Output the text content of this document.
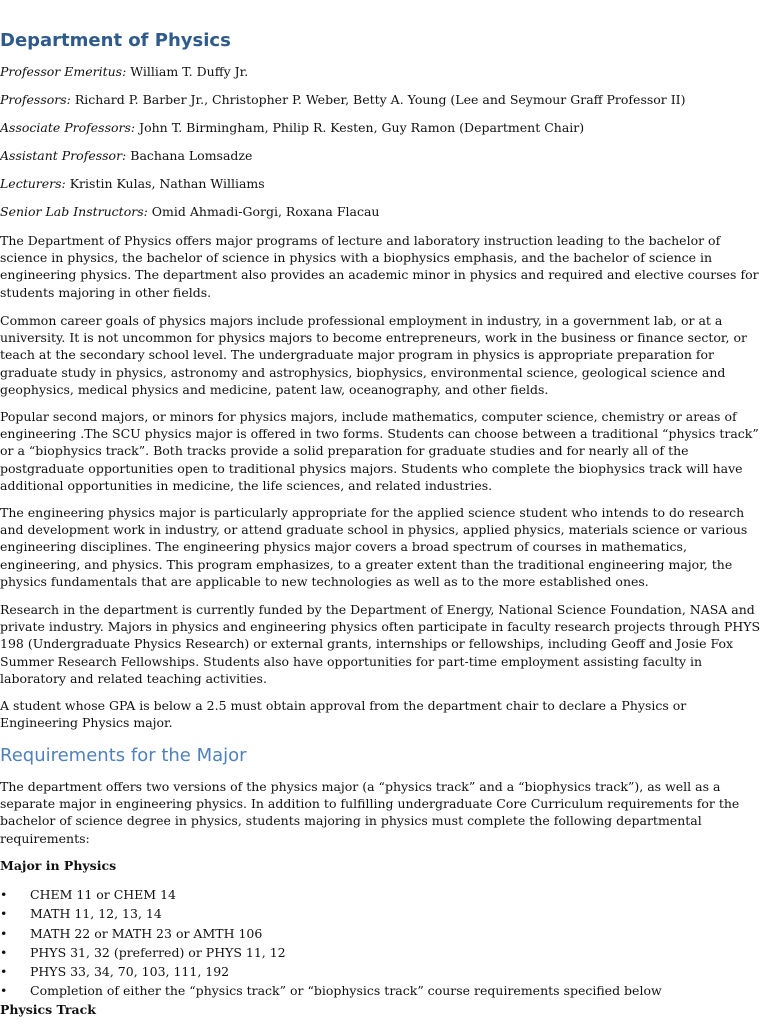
Department of Physics
Professor Emeritus: William T. Duffy Jr.
Professors: Richard P. Barber Jr., Christopher P. Weber, Betty A. Young (Lee and Seymour Graff Professor II)
Associate Professors: John T. Birmingham, Philip R. Kesten, Guy Ramon (Department Chair)
Assistant Professor: Bachana Lomsadze
Lecturers: Kristin Kulas, Nathan Williams
Senior Lab Instructors: Omid Ahmadi-Gorgi, Roxana Flacau

The Department of Physics offers major programs of lecture and laboratory instruction leading to the bachelor of science in physics, the bachelor of science in physics with a biophysics emphasis, and the bachelor of science in engineering physics. The department also provides an academic minor in physics and required and elective courses for students majoring in other fields.

Common career goals of physics majors include professional employment in industry, in a government lab, or at a university. It is not uncommon for physics majors to become entrepreneurs, work in the business or finance sector, or teach at the secondary school level. The undergraduate major program in physics is appropriate preparation for graduate study in physics, astronomy and astrophysics, biophysics, environmental science, geological science and geophysics, medical physics and medicine, patent law, oceanography, and other fields.

Popular second majors, or minors for physics majors, include mathematics, computer science, chemistry or areas of engineering .The SCU physics major is offered in two forms. Students can choose between a traditional “physics track” or a “biophysics track”. Both tracks provide a solid preparation for graduate studies and for nearly all of the postgraduate opportunities open to traditional physics majors. Students who complete the biophysics track will have additional opportunities in medicine, the life sciences, and related industries.

The engineering physics major is particularly appropriate for the applied science student who intends to do research and development work in industry, or attend graduate school in physics, applied physics, materials science or various engineering disciplines. The engineering physics major covers a broad spectrum of courses in mathematics, engineering, and physics. This program emphasizes, to a greater extent than the traditional engineering major, the physics fundamentals that are applicable to new technologies as well as to the more established ones.

Research in the department is currently funded by the Department of Energy, National Science Foundation, NASA and private industry. Majors in physics and engineering physics often participate in faculty research projects through PHYS 198 (Undergraduate Physics Research) or external grants, internships or fellowships, including Geoff and Josie Fox Summer Research Fellowships. Students also have opportunities for part-time employment assisting faculty in laboratory and related teaching activities.

A student whose GPA is below a 2.5 must obtain approval from the department chair to declare a Physics or Engineering Physics major.

Requirements for the Major

The department offers two versions of the physics major (a “physics track” and a “biophysics track”), as well as a separate major in engineering physics. In addition to fulfilling undergraduate Core Curriculum requirements for the bachelor of science degree in physics, students majoring in physics must complete the following departmental requirements:

Major in Physics
• CHEM 11 or CHEM 14
• MATH 11, 12, 13, 14
• MATH 22 or MATH 23 or AMTH 106
• PHYS 31, 32 (preferred) or PHYS 11, 12
• PHYS 33, 34, 70, 103, 111, 192
• Completion of either the “physics track” or “biophysics track” course requirements specified below
Physics Track
